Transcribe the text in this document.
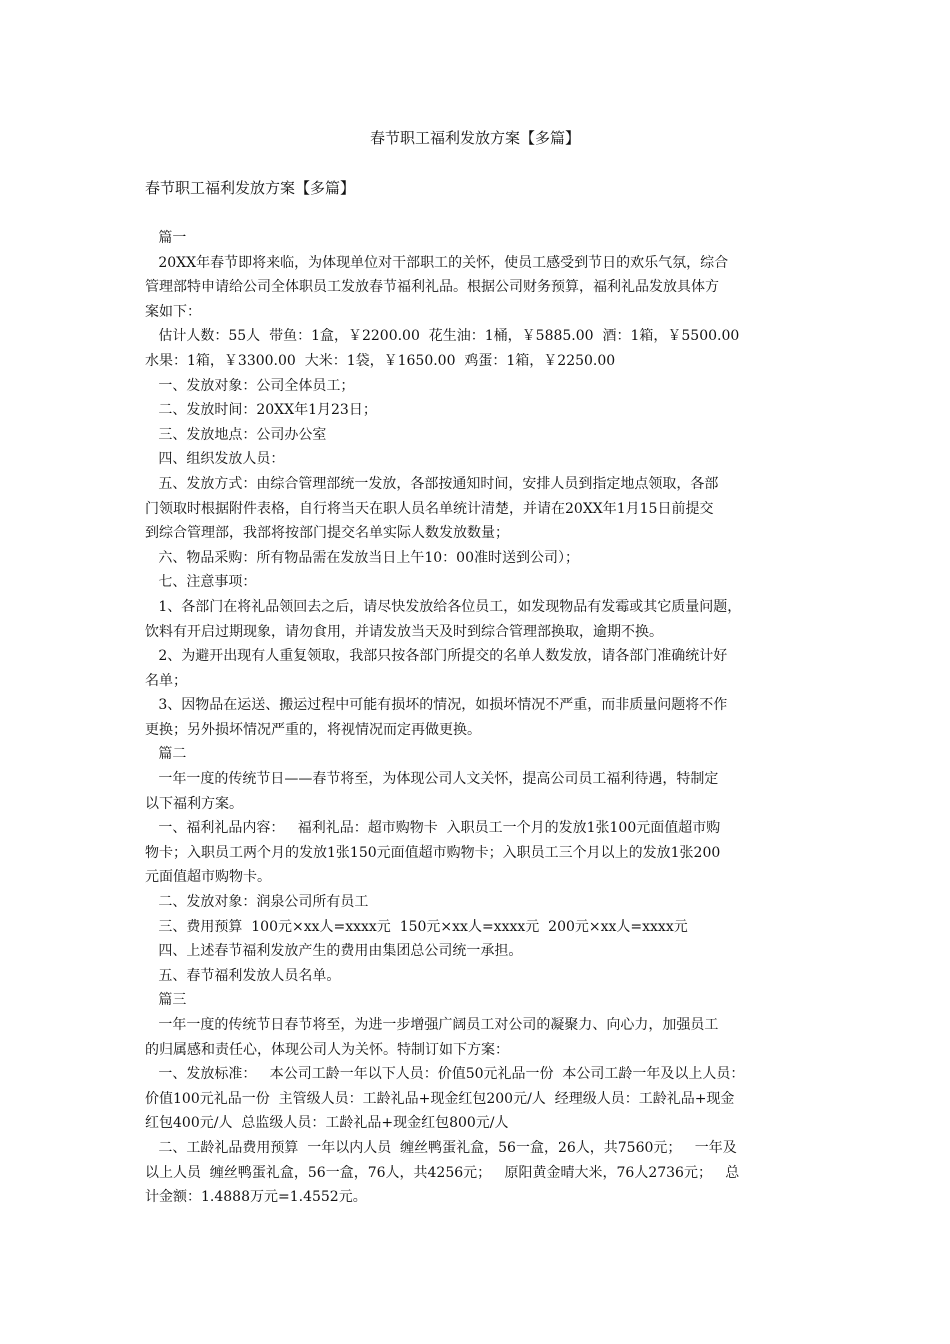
春节职工福利发放方案【多篇】
春节职工福利发放方案【多篇】
篇一
20XX年春节即将来临，为体现单位对干部职工的关怀，使员工感受到节日的欢乐气氛，综合
管理部特申请给公司全体职员工发放春节福利礼品。根据公司财务预算，福利礼品发放具体方
案如下：
估计人数：55人  带鱼：1盒，￥2200.00  花生油：1桶，￥5885.00  酒：1箱，￥5500.00
水果：1箱，￥3300.00  大米：1袋，￥1650.00  鸡蛋：1箱，￥2250.00
一、发放对象：公司全体员工；
二、发放时间：20XX年1月23日；
三、发放地点：公司办公室
四、组织发放人员：
五、发放方式：由综合管理部统一发放，各部按通知时间，安排人员到指定地点领取，各部
门领取时根据附件表格，自行将当天在职人员名单统计清楚，并请在20XX年1月15日前提交
到综合管理部，我部将按部门提交名单实际人数发放数量；
六、物品采购：所有物品需在发放当日上午10：00准时送到公司）；
七、注意事项：
1、各部门在将礼品领回去之后，请尽快发放给各位员工，如发现物品有发霉或其它质量问题，
饮料有开启过期现象，请勿食用，并请发放当天及时到综合管理部换取，逾期不换。
2、为避开出现有人重复领取，我部只按各部门所提交的名单人数发放，请各部门准确统计好
名单；
3、因物品在运送、搬运过程中可能有损坏的情况，如损坏情况不严重，而非质量问题将不作
更换；另外损坏情况严重的，将视情况而定再做更换。
篇二
一年一度的传统节日——春节将至，为体现公司人文关怀，提高公司员工福利待遇，特制定
以下福利方案。
一、福利礼品内容：   福利礼品：超市购物卡  入职员工一个月的发放1张100元面值超市购
物卡；入职员工两个月的发放1张150元面值超市购物卡；入职员工三个月以上的发放1张200
元面值超市购物卡。
二、发放对象：润泉公司所有员工
三、费用预算  100元×xx人=xxxx元  150元×xx人=xxxx元  200元×xx人=xxxx元
四、上述春节福利发放产生的费用由集团总公司统一承担。
五、春节福利发放人员名单。
篇三
一年一度的传统节日春节将至，为进一步增强广阔员工对公司的凝聚力、向心力，加强员工
的归属感和责任心，体现公司人为关怀。特制订如下方案：
一、发放标准：   本公司工龄一年以下人员：价值50元礼品一份  本公司工龄一年及以上人员：
价值100元礼品一份  主管级人员：工龄礼品+现金红包200元/人  经理级人员：工龄礼品+现金
红包400元/人  总监级人员：工龄礼品+现金红包800元/人
二、工龄礼品费用预算  一年以内人员  缠丝鸭蛋礼盒，56一盒，26人，共7560元；   一年及
以上人员  缠丝鸭蛋礼盒，56一盒，76人，共4256元；   原阳黄金晴大米，76人2736元；   总
计金额：1.4888万元=1.4552元。
